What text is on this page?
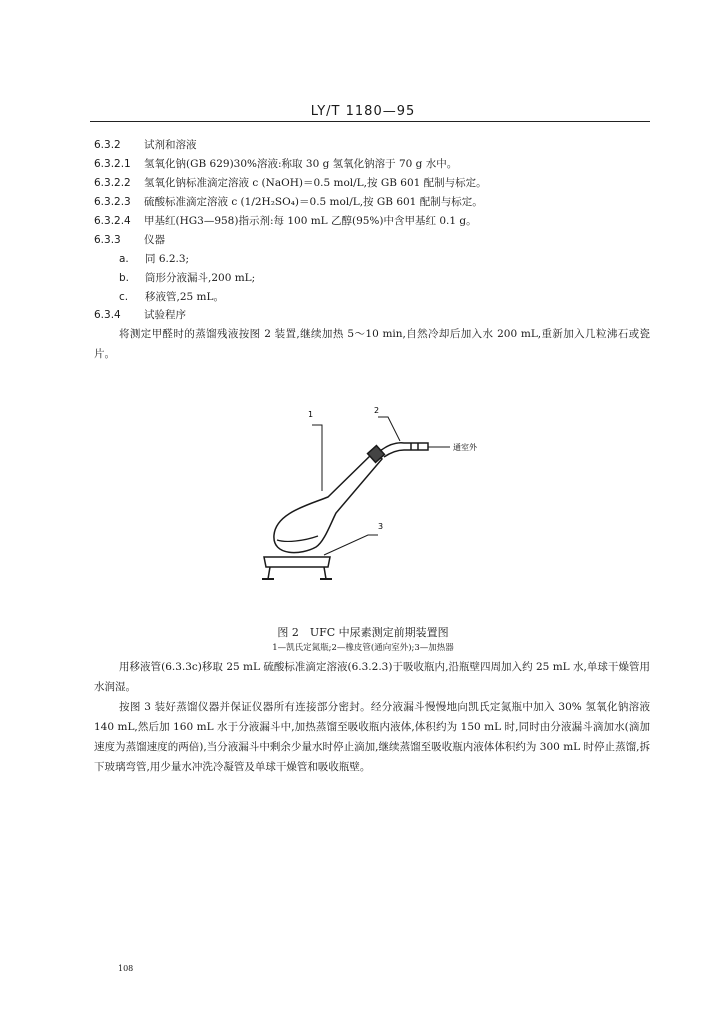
LY/T 1180—95
6.3.2 试剂和溶液
6.3.2.1 氢氧化钠(GB 629)30%溶液:称取 30 g 氢氧化钠溶于 70 g 水中。
6.3.2.2 氢氧化钠标准滴定溶液 c (NaOH)＝0.5 mol/L,按 GB 601 配制与标定。
6.3.2.3 硫酸标准滴定溶液 c (1/2H₂SO₄)＝0.5 mol/L,按 GB 601 配制与标定。
6.3.2.4 甲基红(HG3—958)指示剂:每 100 mL 乙醇(95%)中含甲基红 0.1 g。
6.3.3 仪器
a. 同 6.2.3;
b. 筒形分液漏斗,200 mL;
c. 移液管,25 mL。
6.3.4 试验程序
将测定甲醛时的蒸馏残液按图 2 装置,继续加热 5～10 min,自然冷却后加入水 200 mL,重新加入几粒沸石或瓷片。
1	2
3
通室外
图 2　UFC 中尿素测定前期装置图
1—凯氏定氮瓶;2—橡皮管(通向室外);3—加热器
用移液管(6.3.3c)移取 25 mL 硫酸标准滴定溶液(6.3.2.3)于吸收瓶内,沿瓶壁四周加入约 25 mL 水,单球干燥管用水润湿。
按图 3 装好蒸馏仪器并保证仪器所有连接部分密封。经分液漏斗慢慢地向凯氏定氮瓶中加入 30% 氢氧化钠溶液 140 mL,然后加 160 mL 水于分液漏斗中,加热蒸馏至吸收瓶内液体,体积约为 150 mL 时,同时由分液漏斗滴加水(滴加速度为蒸馏速度的两倍),当分液漏斗中剩余少量水时停止滴加,继续蒸馏至吸收瓶内液体体积约为 300 mL 时停止蒸馏,拆下玻璃弯管,用少量水冲洗冷凝管及单球干燥管和吸收瓶壁。
108
